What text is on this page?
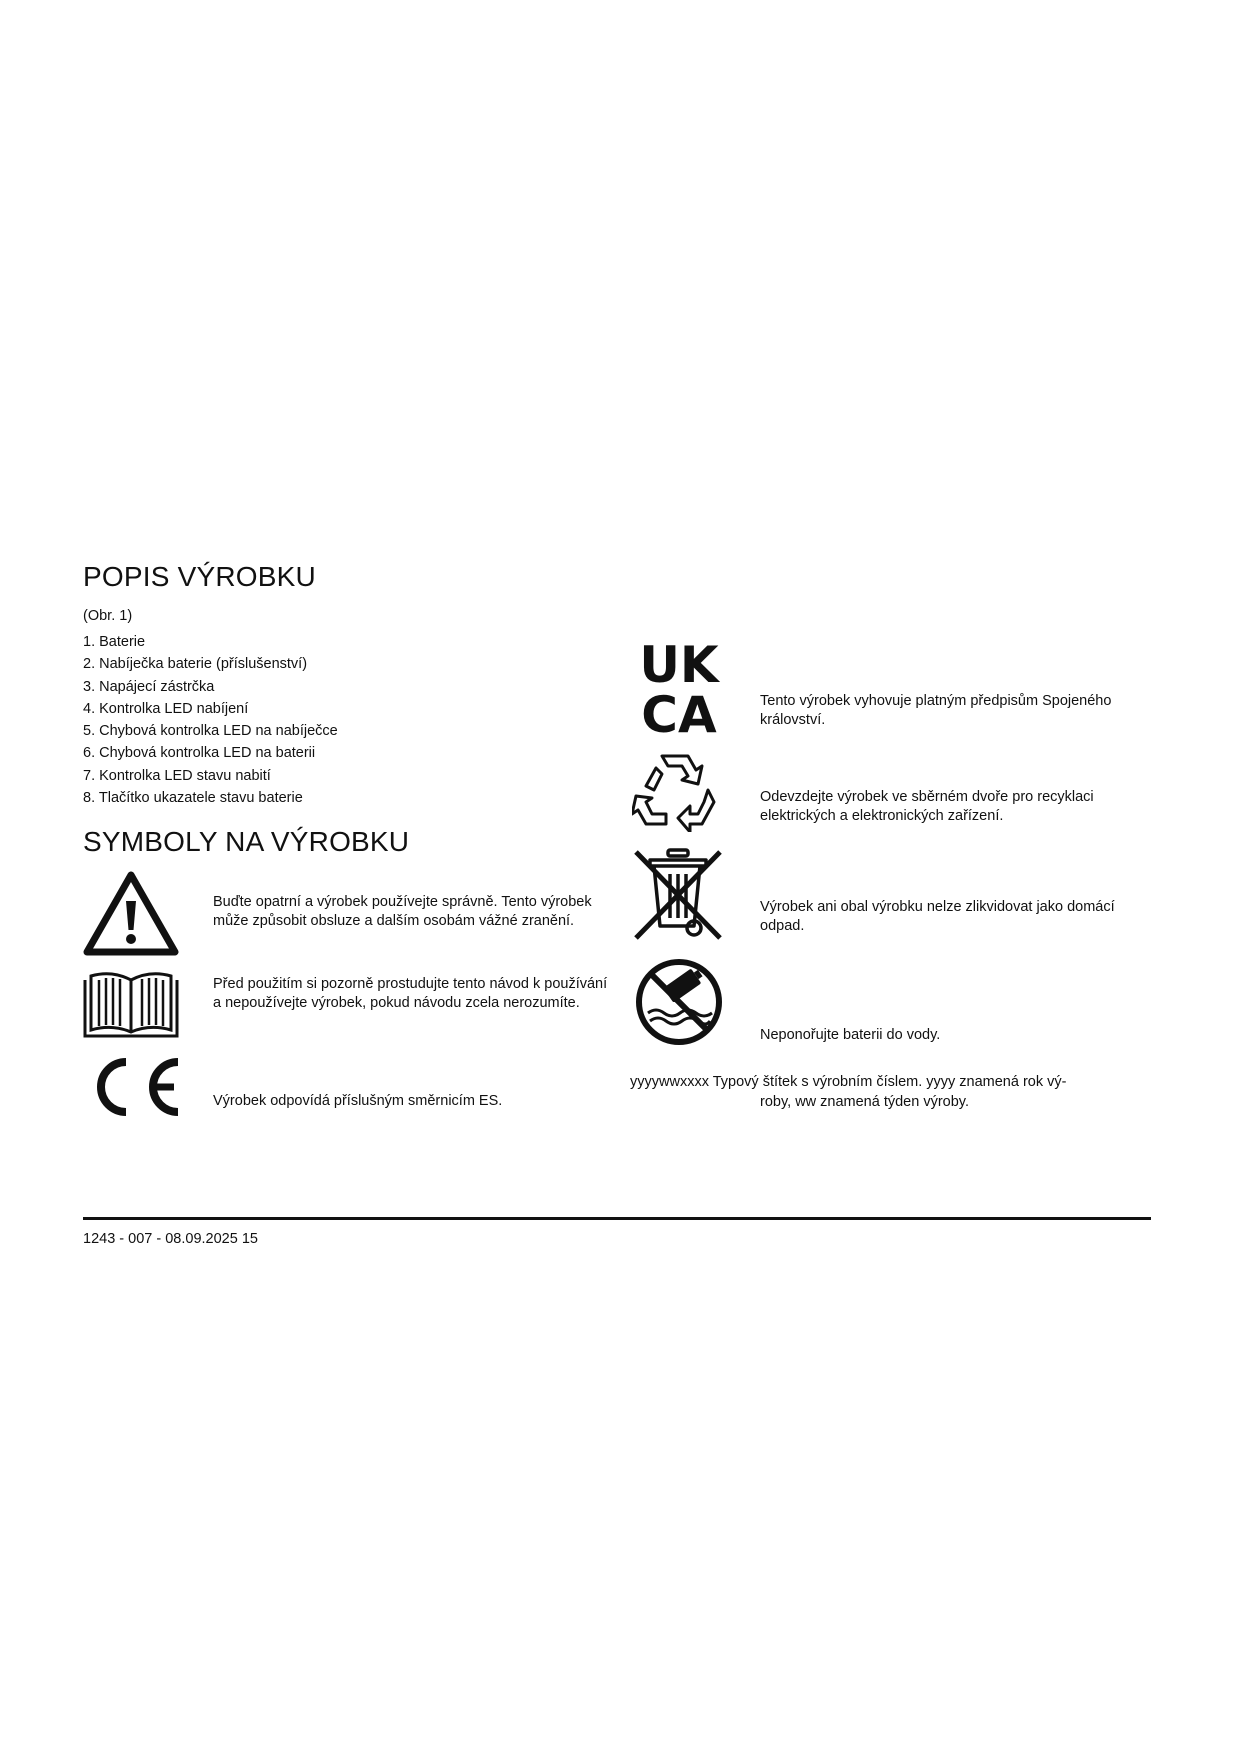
POPIS VÝROBKU
(Obr. 1)
1. Baterie
2. Nabíječka baterie (příslušenství)
3. Napájecí zástrčka
4. Kontrolka LED nabíjení
5. Chybová kontrolka LED na nabíječce
6. Chybová kontrolka LED na baterii
7. Kontrolka LED stavu nabití
8. Tlačítko ukazatele stavu baterie
SYMBOLY NA VÝROBKU
Buďte opatrní a výrobek používejte správně. Tento výrobek může způsobit obsluze a dalším osobám vážné zranění.
Před použitím si pozorně prostudujte tento návod k používání a nepoužívejte výrobek, pokud návodu zcela nerozumíte.
Výrobek odpovídá příslušným směrnicím ES.
UK
CA	Tento výrobek vyhovuje platným předpisům Spojeného království.
Odevzdejte výrobek ve sběrném dvoře pro recyklaci elektrických a elektronických zařízení.
Výrobek ani obal výrobku nelze zlikvidovat jako domácí odpad.
Neponořujte baterii do vody.
yyyywwxxxx Typový štítek s výrobním číslem. yyyy znamená rok vý-
roby, ww znamená týden výroby.
1243 - 007 - 08.09.2025 15
